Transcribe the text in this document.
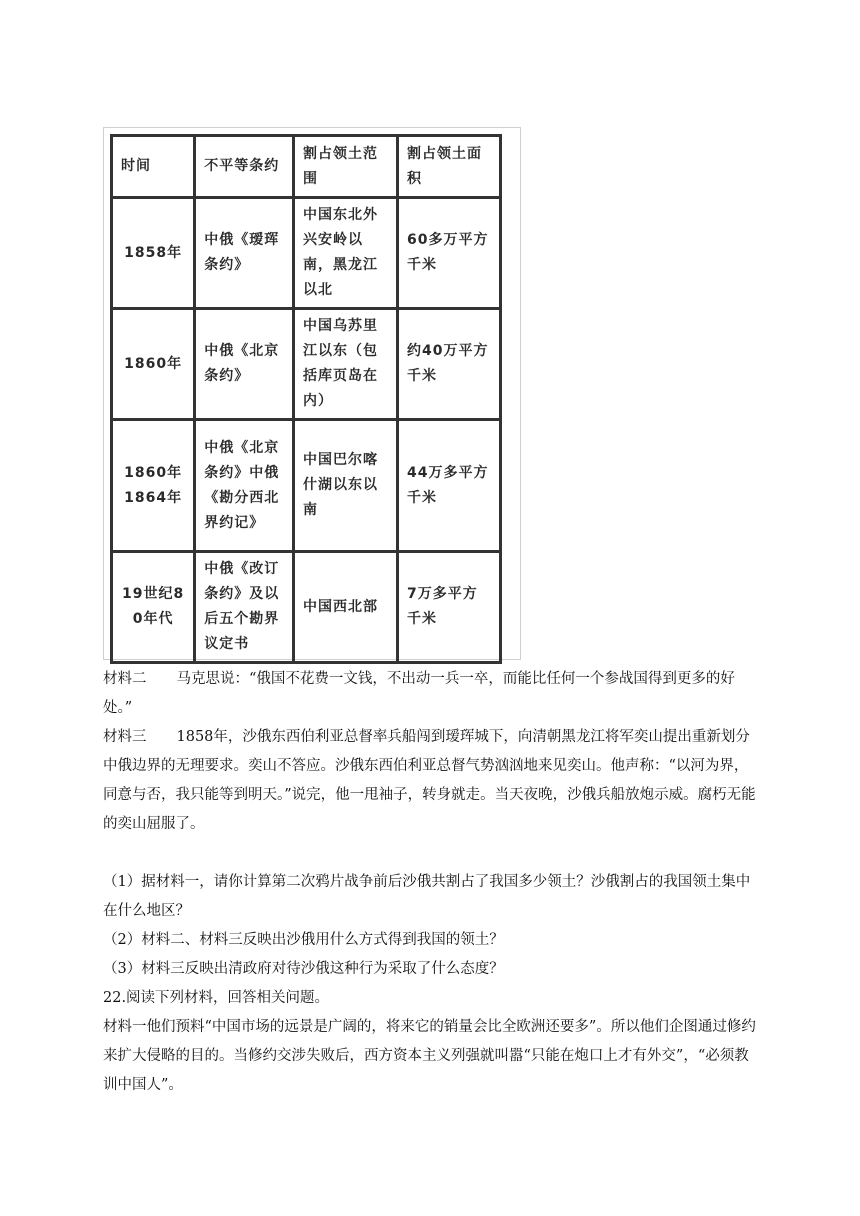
时间	不平等条约	割占领土范围	割占领土面积
1858年	中俄《瑷珲条约》	中国东北外兴安岭以南，黑龙江以北	60多万平方千米
1860年	中俄《北京条约》	中国乌苏里江以东（包括库页岛在内）	约40万平方千米
1860年1864年	中俄《北京条约》中俄《勘分西北界约记》	中国巴尔喀什湖以东以南	44万多平方千米
19世纪80年代	中俄《改订条约》及以后五个勘界议定书	中国西北部	7万多平方千米

材料二 马克思说：“俄国不花费一文钱，不出动一兵一卒，而能比任何一个参战国得到更多的好处。”

材料三 1858年，沙俄东西伯利亚总督率兵船闯到瑷珲城下，向清朝黑龙江将军奕山提出重新划分中俄边界的无理要求。奕山不答应。沙俄东西伯利亚总督气势汹汹地来见奕山。他声称：“以河为界，同意与否，我只能等到明天。”说完，他一甩袖子，转身就走。当天夜晚，沙俄兵船放炮示威。腐朽无能的奕山屈服了。

（1）据材料一，请你计算第二次鸦片战争前后沙俄共割占了我国多少领土？沙俄割占的我国领土集中在什么地区？

（2）材料二、材料三反映出沙俄用什么方式得到我国的领土？

（3）材料三反映出清政府对待沙俄这种行为采取了什么态度？

22.阅读下列材料，回答相关问题。

材料一他们预料“中国市场的远景是广阔的，将来它的销量会比全欧洲还要多”。所以他们企图通过修约来扩大侵略的目的。当修约交涉失败后，西方资本主义列强就叫嚣“只能在炮口上才有外交”，“必须教训中国人”。
